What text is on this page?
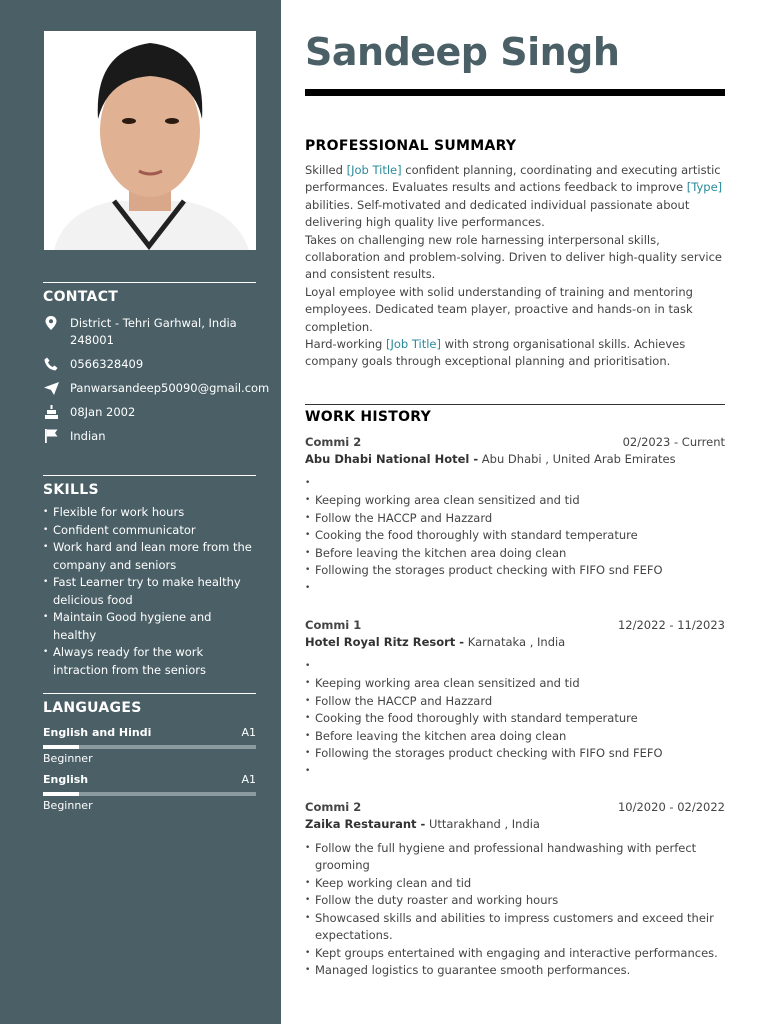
CONTACT
District - Tehri Garhwal, India
248001
0566328409
Panwarsandeep50090@gmail.com
08Jan 2002
Indian
SKILLS
• Flexible for work hours
• Confident communicator
• Work hard and lean more from the company and seniors
• Fast Learner try to make healthy delicious food
• Maintain Good hygiene and healthy
• Always ready for the work intraction from the seniors
LANGUAGES
English and Hindi	A1
Beginner
English	A1
Beginner
Sandeep Singh
PROFESSIONAL SUMMARY

Skilled [Job Title] confident planning, coordinating and executing artistic performances. Evaluates results and actions feedback to improve [Type] abilities. Self-motivated and dedicated individual passionate about delivering high quality live performances.

Takes on challenging new role harnessing interpersonal skills, collaboration and problem-solving. Driven to deliver high-quality service and consistent results.

Loyal employee with solid understanding of training and mentoring employees. Dedicated team player, proactive and hands-on in task completion.

Hard-working [Job Title] with strong organisational skills. Achieves company goals through exceptional planning and prioritisation.

WORK HISTORY
Commi 2	02/2023 - Current
Abu Dhabi National Hotel - Abu Dhabi , United Arab Emirates
•
• Keeping working area clean sensitized and tid
• Follow the HACCP and Hazzard
• Cooking the food thoroughly with standard temperature
• Before leaving the kitchen area doing clean
• Following the storages product checking with FIFO snd FEFO
•
Commi 1	12/2022 - 11/2023
Hotel Royal Ritz Resort - Karnataka , India
•
• Keeping working area clean sensitized and tid
• Follow the HACCP and Hazzard
• Cooking the food thoroughly with standard temperature
• Before leaving the kitchen area doing clean
• Following the storages product checking with FIFO snd FEFO
•
Commi 2	10/2020 - 02/2022
Zaika Restaurant - Uttarakhand , India
• Follow the full hygiene and professional handwashing with perfect grooming
• Keep working clean and tid
• Follow the duty roaster and working hours
• Showcased skills and abilities to impress customers and exceed their expectations.
• Kept groups entertained with engaging and interactive performances.
• Managed logistics to guarantee smooth performances.
